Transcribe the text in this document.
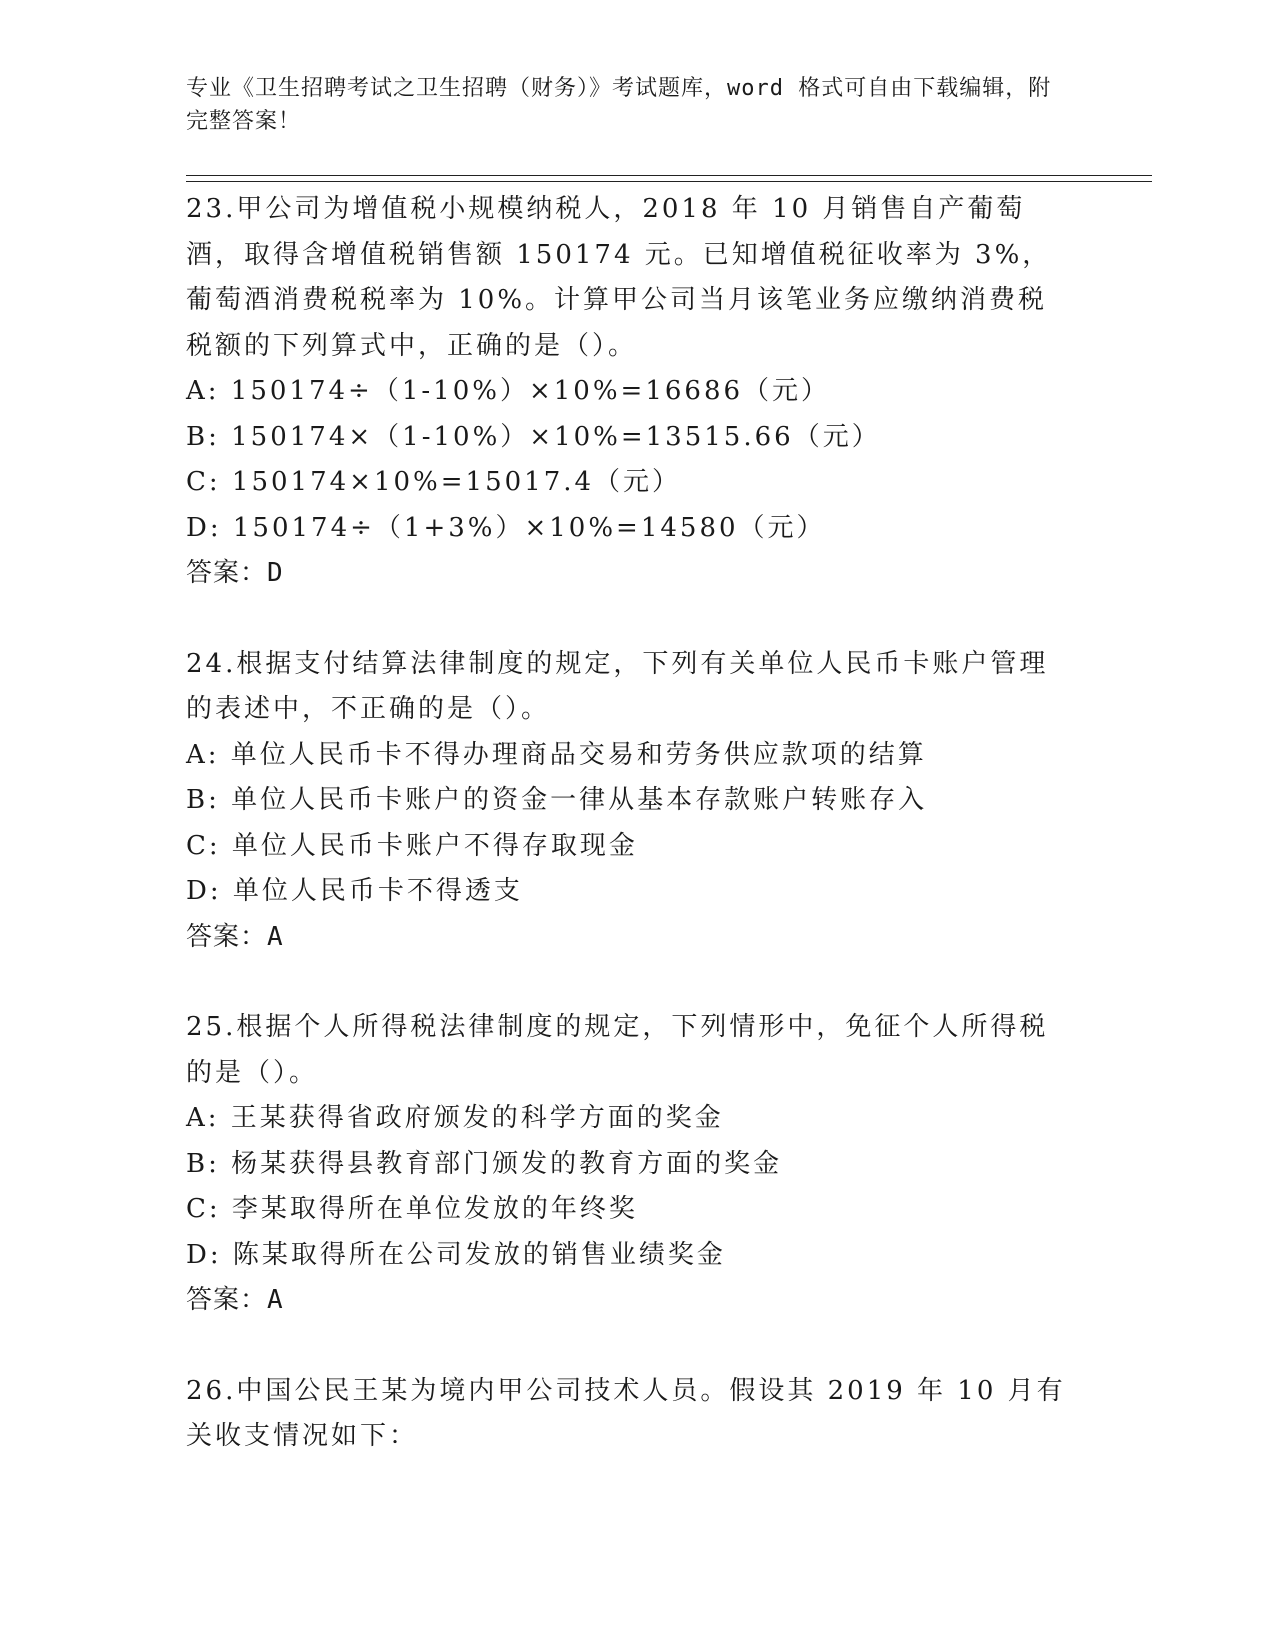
专业《卫生招聘考试之卫生招聘（财务）》考试题库，word 格式可自由下载编辑，附完整答案！

23.甲公司为增值税小规模纳税人，2018 年 10 月销售自产葡萄酒，取得含增值税销售额 150174 元。已知增值税征收率为 3%，葡萄酒消费税税率为 10%。计算甲公司当月该笔业务应缴纳消费税税额的下列算式中，正确的是（）。

A: 150174÷（1-10%）×10%=16686（元）

B: 150174×（1-10%）×10%=13515.66（元）

C: 150174×10%=15017.4（元）

D: 150174÷（1+3%）×10%=14580（元）

答案：D

24.根据支付结算法律制度的规定，下列有关单位人民币卡账户管理的表述中，不正确的是（）。

A: 单位人民币卡不得办理商品交易和劳务供应款项的结算

B: 单位人民币卡账户的资金一律从基本存款账户转账存入

C: 单位人民币卡账户不得存取现金

D: 单位人民币卡不得透支

答案：A

25.根据个人所得税法律制度的规定，下列情形中，免征个人所得税的是（）。

A: 王某获得省政府颁发的科学方面的奖金

B: 杨某获得县教育部门颁发的教育方面的奖金

C: 李某取得所在单位发放的年终奖

D: 陈某取得所在公司发放的销售业绩奖金

答案：A

26.中国公民王某为境内甲公司技术人员。假设其 2019 年 10 月有关收支情况如下：
